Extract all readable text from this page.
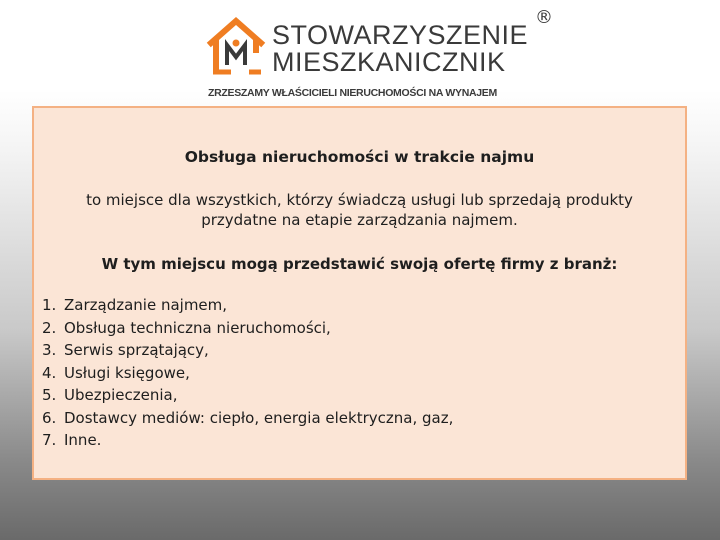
STOWARZYSZENIE

MIESZKANICZNIK

®

ZRZESZAMY WŁAŚCICIELI NIERUCHOMOŚCI NA WYNAJEM

Obsługa nieruchomości w trakcie najmu

to miejsce dla wszystkich, którzy świadczą usługi lub sprzedają produkty przydatne na etapie zarządzania najmem.

W tym miejscu mogą przedstawić swoją ofertę firmy z branż:

1. Zarządzanie najmem,
2. Obsługa techniczna nieruchomości,
3. Serwis sprzątający,
4. Usługi księgowe,
5. Ubezpieczenia,
6. Dostawcy mediów: ciepło, energia elektryczna, gaz,
7. Inne.
